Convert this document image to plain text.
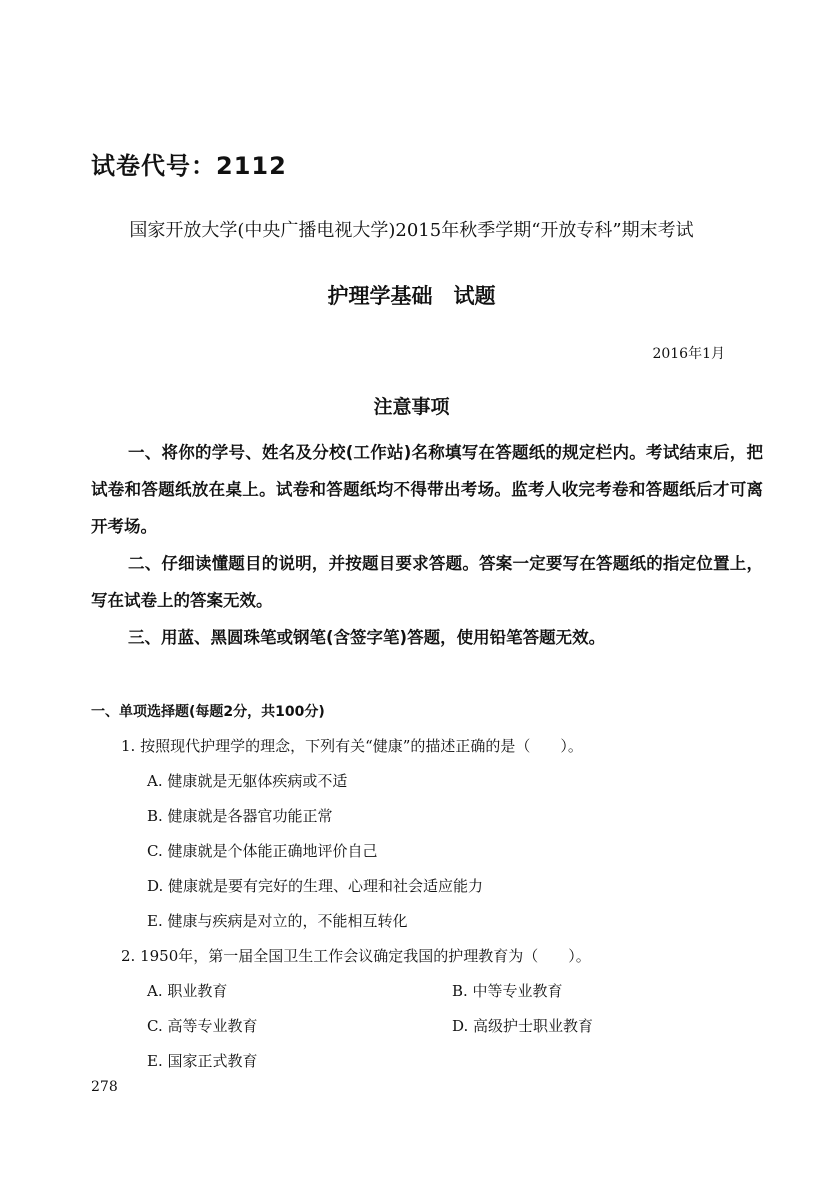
试卷代号：2112
国家开放大学(中央广播电视大学)2015年秋季学期“开放专科”期末考试
护理学基础　试题
2016年1月
注意事项

一、将你的学号、姓名及分校(工作站)名称填写在答题纸的规定栏内。考试结束后，把试卷和答题纸放在桌上。试卷和答题纸均不得带出考场。监考人收完考卷和答题纸后才可离开考场。

二、仔细读懂题目的说明，并按题目要求答题。答案一定要写在答题纸的指定位置上，写在试卷上的答案无效。

三、用蓝、黑圆珠笔或钢笔(含签字笔)答题，使用铅笔答题无效。

一、单项选择题(每题2分，共100分)
1. 按照现代护理学的理念，下列有关“健康”的描述正确的是（　　）。
A. 健康就是无躯体疾病或不适
B. 健康就是各器官功能正常
C. 健康就是个体能正确地评价自己
D. 健康就是要有完好的生理、心理和社会适应能力
E. 健康与疾病是对立的，不能相互转化
2. 1950年，第一届全国卫生工作会议确定我国的护理教育为（　　）。
A. 职业教育	B. 中等专业教育
C. 高等专业教育	D. 高级护士职业教育
E. 国家正式教育
278
